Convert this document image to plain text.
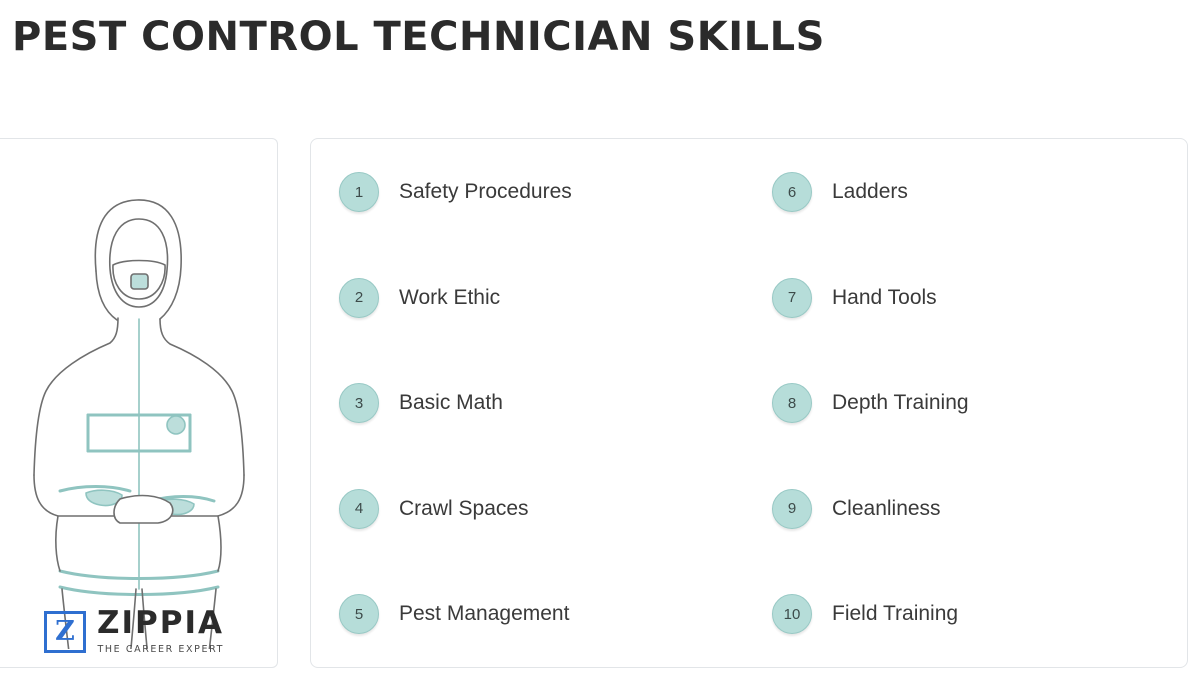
PEST CONTROL TECHNICIAN SKILLS
Z ZIPPIA
THE CAREER EXPERT
1	Safety Procedures
2	Work Ethic
3	Basic Math
4	Crawl Spaces
5	Pest Management
6	Ladders
7	Hand Tools
8	Depth Training
9	Cleanliness
10	Field Training
